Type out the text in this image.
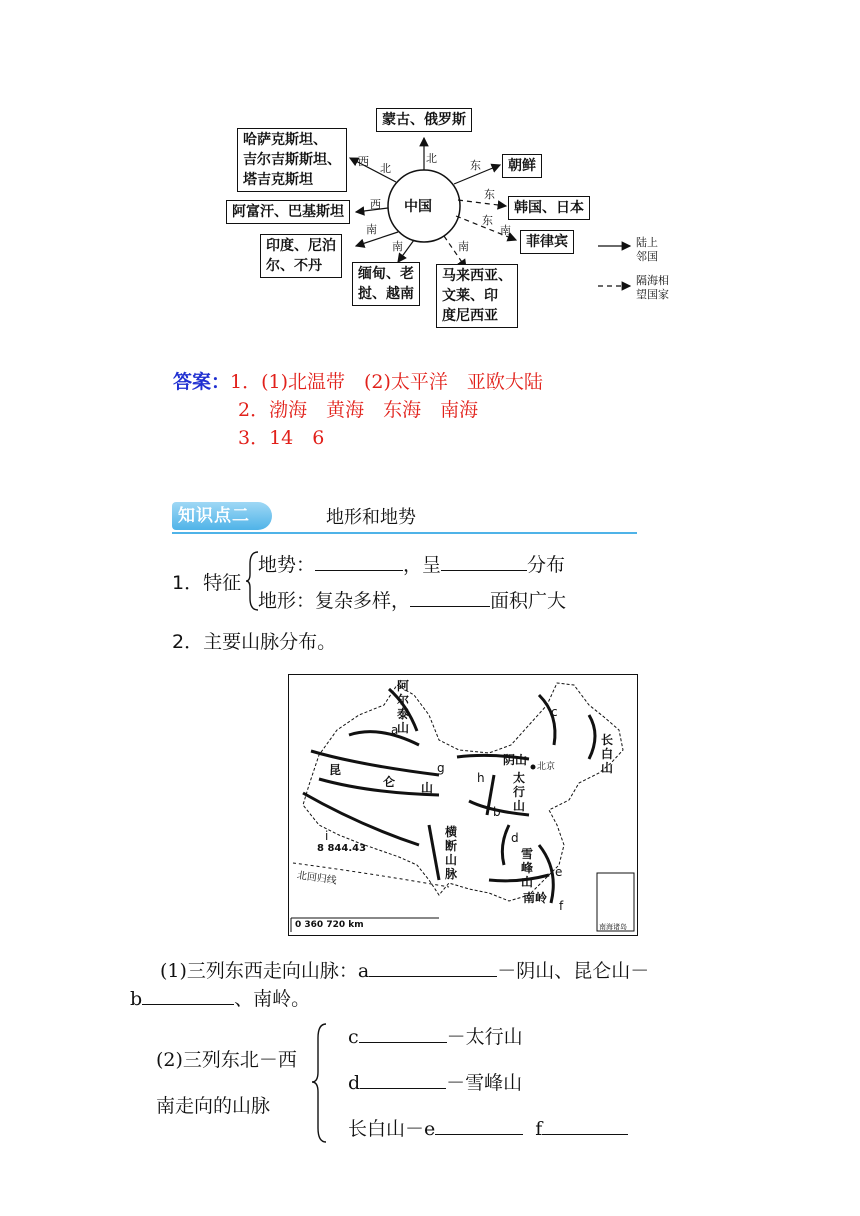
中国
蒙古、俄罗斯
哈萨克斯坦、
吉尔吉斯斯坦、
塔吉克斯坦
朝鲜
阿富汗、巴基斯坦	韩国、日本
菲律宾
印度、尼泊
尔、不丹	缅甸、老
挝、越南
马来西亚、
文莱、印
度尼西亚
北
西
北	东
东
东
南
西
南
南	南	陆上
邻国
隔海相
望国家
答案：1．(1)北温带　(2)太平洋　亚欧大陆
2．渤海　黄海　东海　南海
3．14　6
知识点二	地形和地势
1．特征
地势：	，呈	分布
地形：复杂多样，	面积广大
2．主要山脉分布。
阿尔泰山
昆
仑 山
阴山
太行山
长白山
横断山脉
雪峰山
南岭
北京
北回归线
8 844.43
0 360 720 km	南海诸岛
a
b
c
d
e
f
g
h
i
(1)三列东西走向山脉：a	－阴山、昆仑山－
b	、南岭。
(2)三列东北－西
南走向的山脉
c	－太行山
d	－雪峰山
长白山－e	f
